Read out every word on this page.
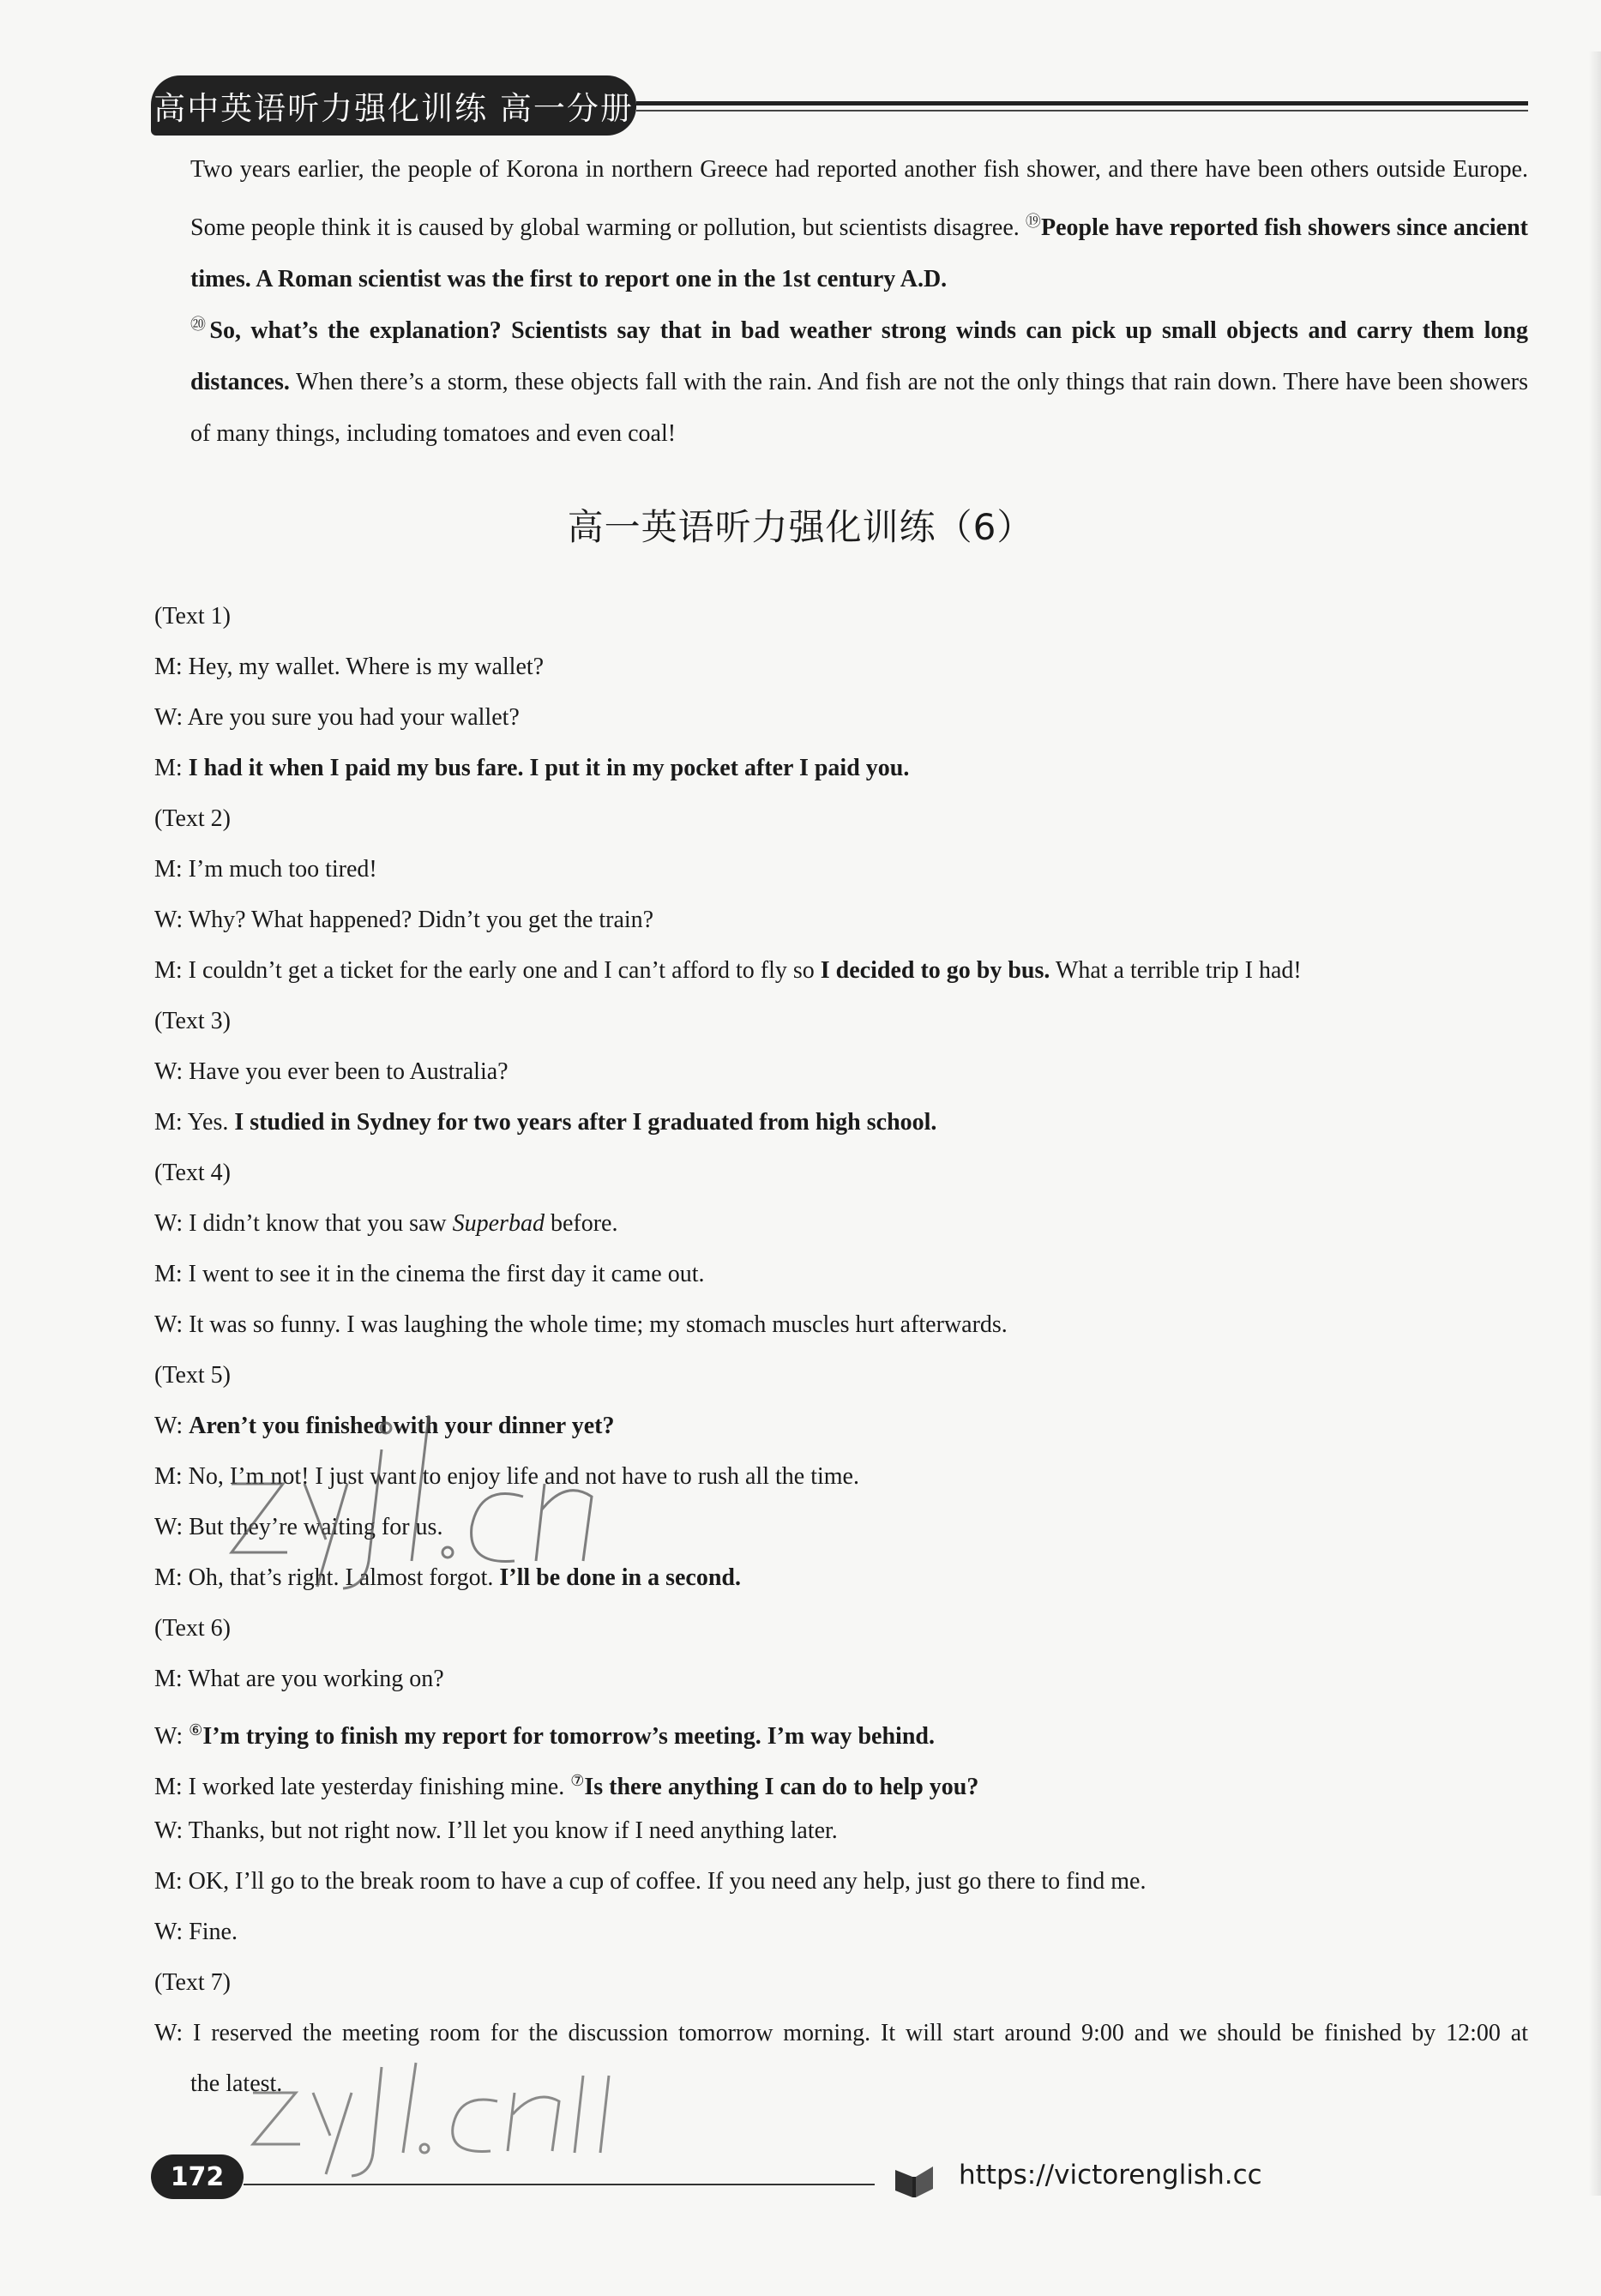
高中英语听力强化训练 高一分册
Two years earlier, the people of Korona in northern Greece had reported another fish shower, and there have been others outside Europe. Some people think it is caused by global warming or pollution, but scientists disagree. ⑲People have reported fish showers since ancient times. A Roman scientist was the first to report one in the 1st century A.D.
⑳So, what’s the explanation? Scientists say that in bad weather strong winds can pick up small objects and carry them long distances. When there’s a storm, these objects fall with the rain. And fish are not the only things that rain down. There have been showers of many things, including tomatoes and even coal!
高一英语听力强化训练（6）
(Text 1)
M: Hey, my wallet. Where is my wallet?
W: Are you sure you had your wallet?
M: I had it when I paid my bus fare. I put it in my pocket after I paid you.
(Text 2)
M: I’m much too tired!
W: Why? What happened? Didn’t you get the train?
M: I couldn’t get a ticket for the early one and I can’t afford to fly so I decided to go by bus. What a terrible trip I had!
(Text 3)
W: Have you ever been to Australia?
M: Yes. I studied in Sydney for two years after I graduated from high school.
(Text 4)
W: I didn’t know that you saw Superbad before.
M: I went to see it in the cinema the first day it came out.
W: It was so funny. I was laughing the whole time; my stomach muscles hurt afterwards.
(Text 5)
W: Aren’t you finished with your dinner yet?
M: No, I’m not! I just want to enjoy life and not have to rush all the time.
W: But they’re waiting for us.
M: Oh, that’s right. I almost forgot. I’ll be done in a second.
(Text 6)
M: What are you working on?
W: ⑥I’m trying to finish my report for tomorrow’s meeting. I’m way behind.
M: I worked late yesterday finishing mine. ⑦Is there anything I can do to help you?
W: Thanks, but not right now. I’ll let you know if I need anything later.
M: OK, I’ll go to the break room to have a cup of coffee. If you need any help, just go there to find me.
W: Fine.
(Text 7)
W: I reserved the meeting room for the discussion tomorrow morning. It will start around 9:00 and we should be finished by 12:00 at
the latest.
172	https://victorenglish.cc
